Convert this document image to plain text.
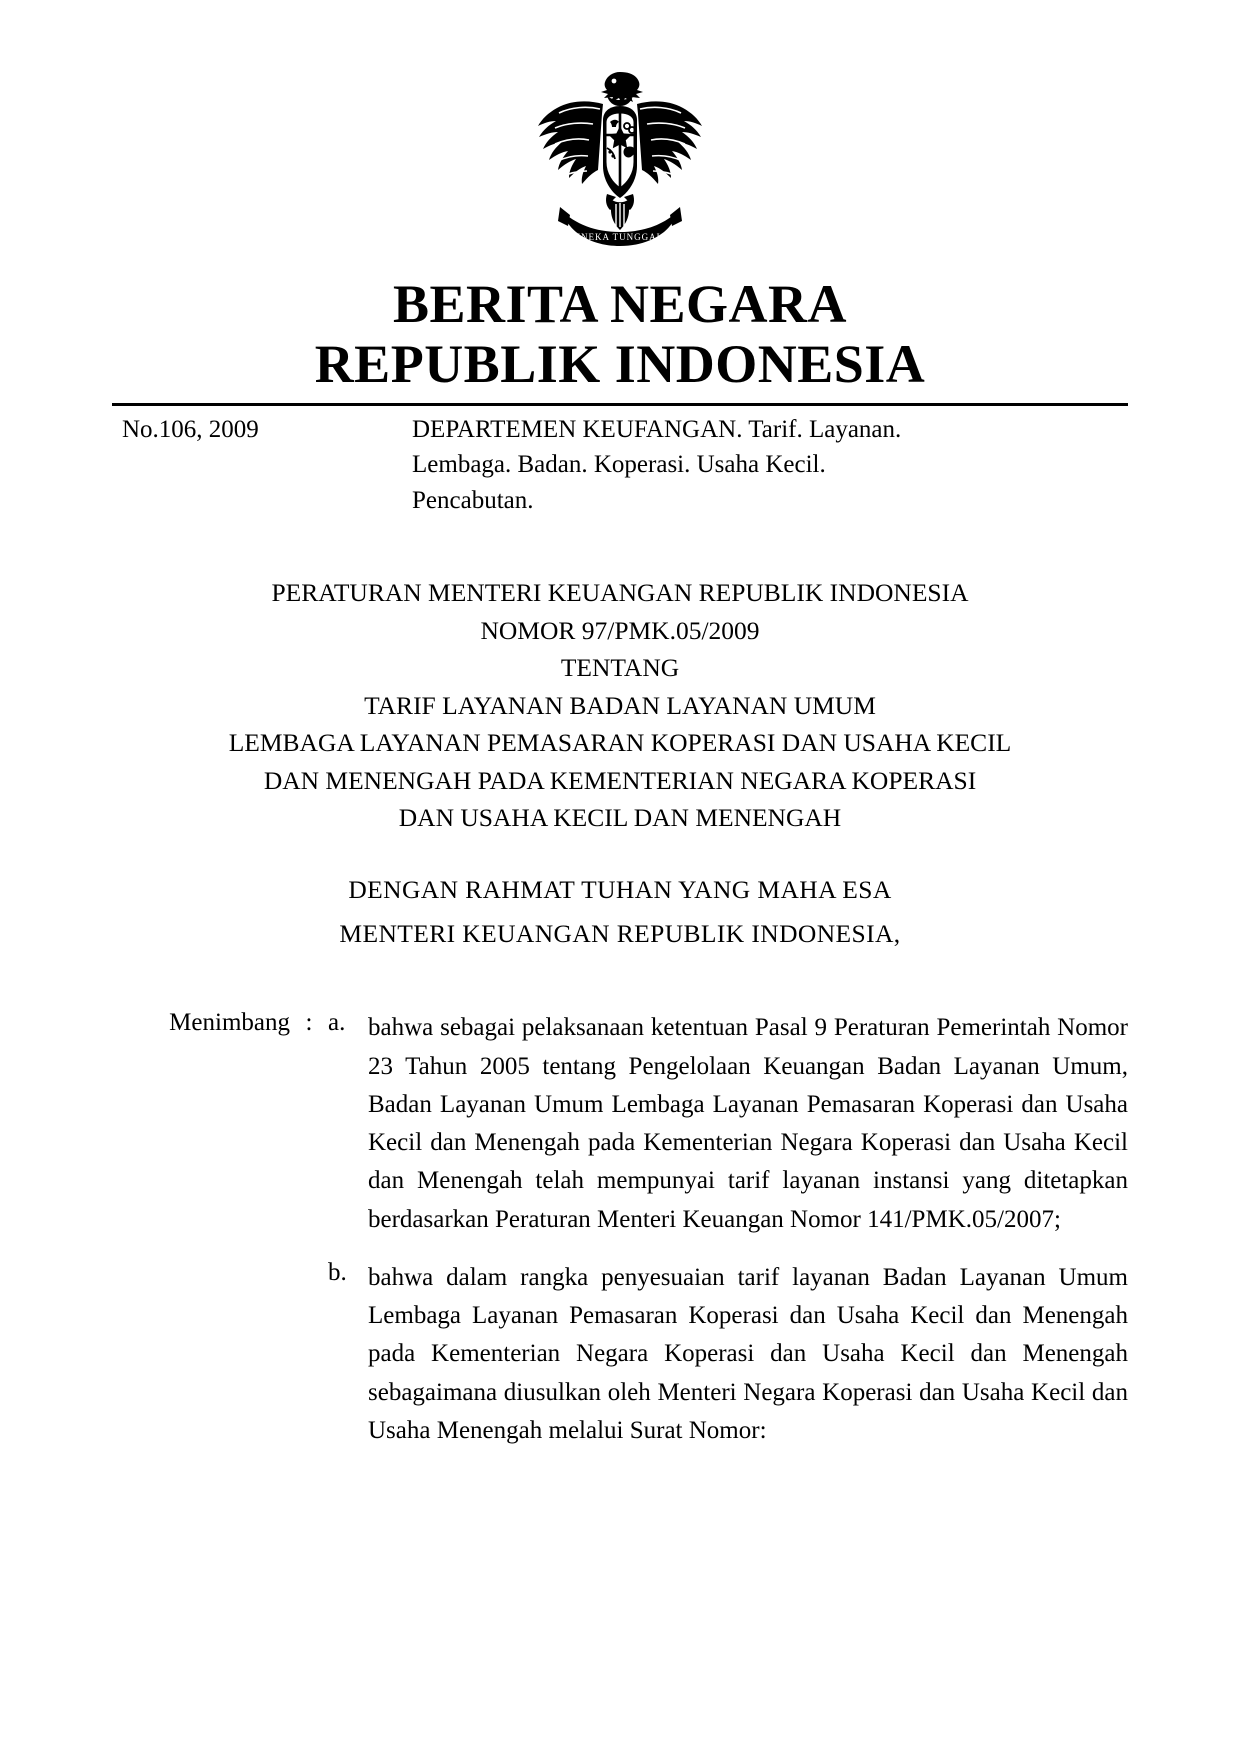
BHINNEKA TUNGGAL IKA
BERITA NEGARA
REPUBLIK INDONESIA
No.106, 2009	DEPARTEMEN KEUFANGAN. Tarif. Layanan.
Lembaga. Badan. Koperasi. Usaha Kecil.
Pencabutan.
PERATURAN MENTERI KEUANGAN REPUBLIK INDONESIA
NOMOR 97/PMK.05/2009
TENTANG
TARIF LAYANAN BADAN LAYANAN UMUM
LEMBAGA LAYANAN PEMASARAN KOPERASI DAN USAHA KECIL
DAN MENENGAH PADA KEMENTERIAN NEGARA KOPERASI
DAN USAHA KECIL DAN MENENGAH
DENGAN RAHMAT TUHAN YANG MAHA ESA
MENTERI KEUANGAN REPUBLIK INDONESIA,
Menimbang : a. bahwa sebagai pelaksanaan ketentuan Pasal 9 Peraturan Pemerintah Nomor 23 Tahun 2005 tentang Pengelolaan Keuangan Badan Layanan Umum, Badan Layanan Umum Lembaga Layanan Pemasaran Koperasi dan Usaha Kecil dan Menengah pada Kementerian Negara Koperasi dan Usaha Kecil dan Menengah telah mempunyai tarif layanan instansi yang ditetapkan berdasarkan Peraturan Menteri Keuangan Nomor 141/PMK.05/2007;
b. bahwa dalam rangka penyesuaian tarif layanan Badan Layanan Umum Lembaga Layanan Pemasaran Koperasi dan Usaha Kecil dan Menengah pada Kementerian Negara Koperasi dan Usaha Kecil dan Menengah sebagaimana diusulkan oleh Menteri Negara Koperasi dan Usaha Kecil dan Usaha Menengah melalui Surat Nomor:
